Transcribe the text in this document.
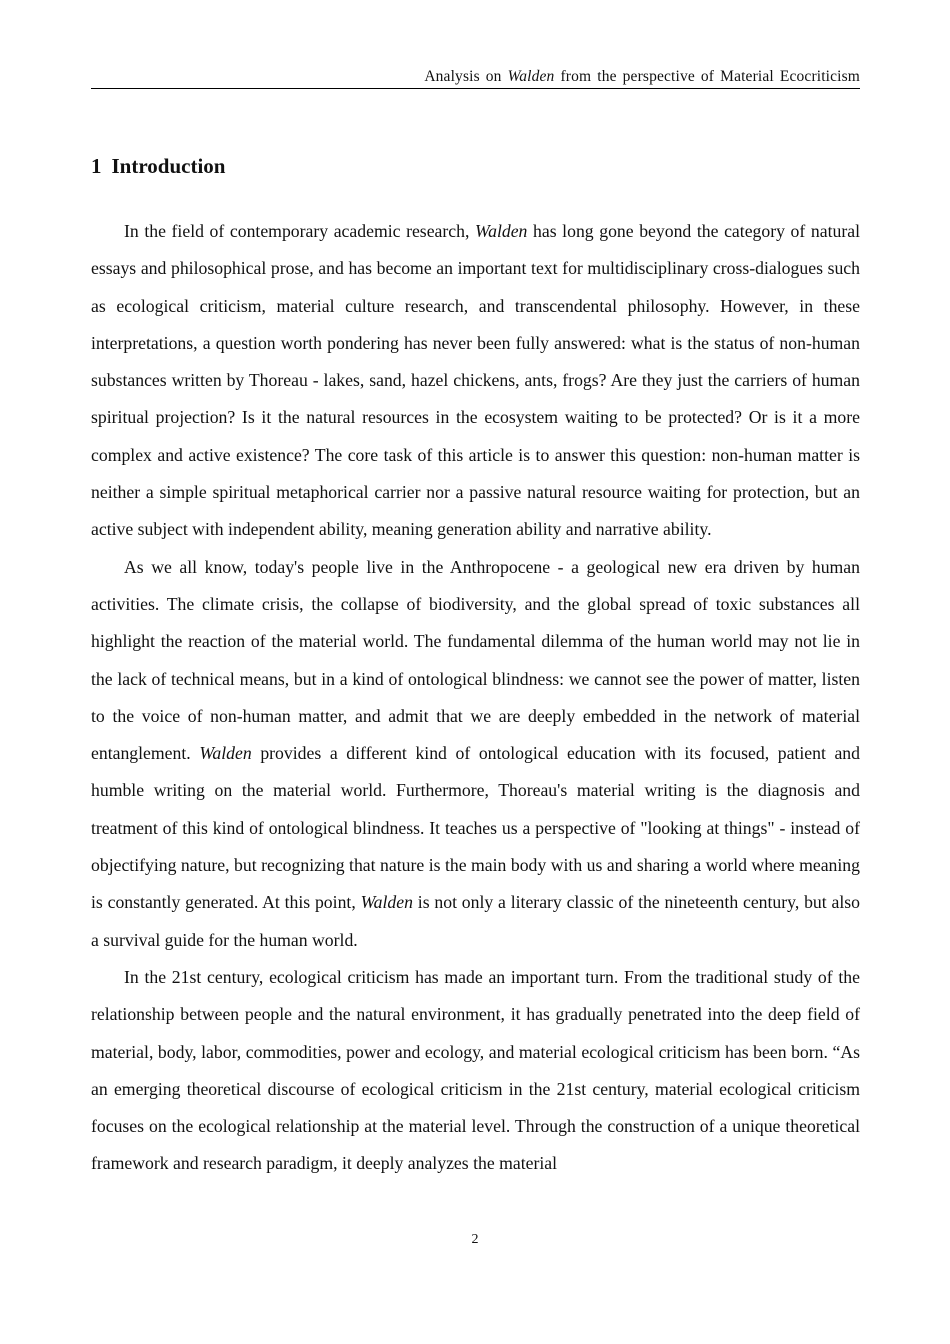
Analysis on Walden from the perspective of Material Ecocriticism
1 Introduction

In the field of contemporary academic research, Walden has long gone beyond the category of natural essays and philosophical prose, and has become an important text for multidisciplinary cross-dialogues such as ecological criticism, material culture research, and transcendental philosophy. However, in these interpretations, a question worth pondering has never been fully answered: what is the status of non-human substances written by Thoreau - lakes, sand, hazel chickens, ants, frogs? Are they just the carriers of human spiritual projection? Is it the natural resources in the ecosystem waiting to be protected? Or is it a more complex and active existence? The core task of this article is to answer this question: non-human matter is neither a simple spiritual metaphorical carrier nor a passive natural resource waiting for protection, but an active subject with independent ability, meaning generation ability and narrative ability.

As we all know, today's people live in the Anthropocene - a geological new era driven by human activities. The climate crisis, the collapse of biodiversity, and the global spread of toxic substances all highlight the reaction of the material world. The fundamental dilemma of the human world may not lie in the lack of technical means, but in a kind of ontological blindness: we cannot see the power of matter, listen to the voice of non-human matter, and admit that we are deeply embedded in the network of material entanglement. Walden provides a different kind of ontological education with its focused, patient and humble writing on the material world. Furthermore, Thoreau's material writing is the diagnosis and treatment of this kind of ontological blindness. It teaches us a perspective of "looking at things" - instead of objectifying nature, but recognizing that nature is the main body with us and sharing a world where meaning is constantly generated. At this point, Walden is not only a literary classic of the nineteenth century, but also a survival guide for the human world.

In the 21st century, ecological criticism has made an important turn. From the traditional study of the relationship between people and the natural environment, it has gradually penetrated into the deep field of material, body, labor, commodities, power and ecology, and material ecological criticism has been born. “As an emerging theoretical discourse of ecological criticism in the 21st century, material ecological criticism focuses on the ecological relationship at the material level. Through the construction of a unique theoretical framework and research paradigm, it deeply analyzes the material

2
